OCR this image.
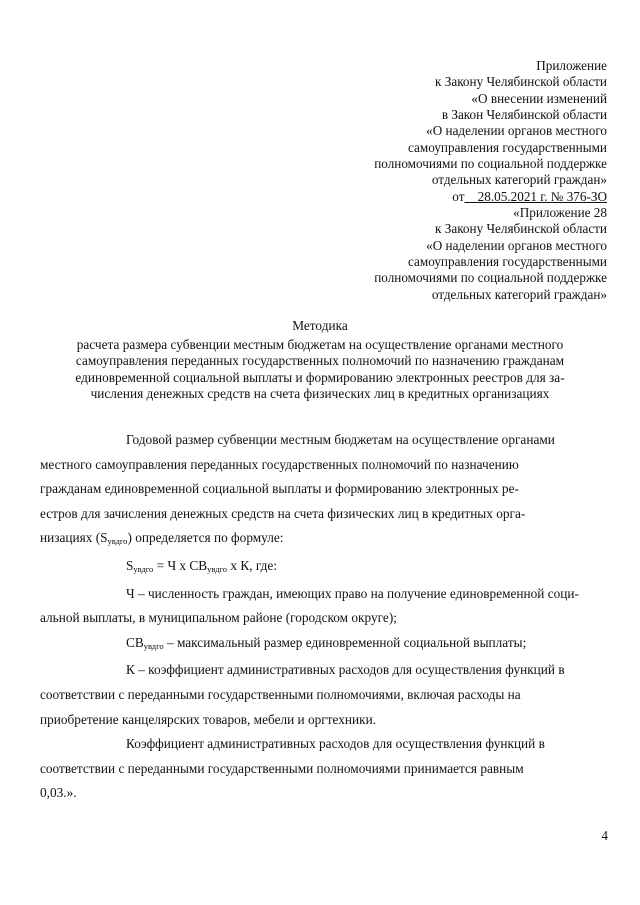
Приложение
к Закону Челябинской области
«О внесении изменений
в Закон Челябинской области
«О наделении органов местного
самоуправления государственными
полномочиями по социальной поддержке
отдельных категорий граждан»
от 28.05.2021 г. № 376-ЗО
«Приложение 28
к Закону Челябинской области
«О наделении органов местного
самоуправления государственными
полномочиями по социальной поддержке
отдельных категорий граждан»
Методика
расчета размера субвенции местным бюджетам на осуществление органами местного
самоуправления переданных государственных полномочий по назначению гражданам
единовременной социальной выплаты и формированию электронных реестров для за-
числения денежных средств на счета физических лиц в кредитных организациях
Годовой размер субвенции местным бюджетам на осуществление органами
местного самоуправления переданных государственных полномочий по назначению
гражданам единовременной социальной выплаты и формированию электронных ре-
естров для зачисления денежных средств на счета физических лиц в кредитных орга-
низациях $(S_{увдго})$ определяется по формуле:
$S_{увдго} = Ч$ х $СВ_{увдго}$ х К, где:
Ч – численность граждан, имеющих право на получение единовременной соци-
альной выплаты, в муниципальном районе (городском округе);
$СВ_{увдго}$ – максимальный размер единовременной социальной выплаты;
К – коэффициент административных расходов для осуществления функций в
соответствии с переданными государственными полномочиями, включая расходы на
приобретение канцелярских товаров, мебели и оргтехники.
Коэффициент административных расходов для осуществления функций в
соответствии с переданными государственными полномочиями принимается равным
0,03.».
4
